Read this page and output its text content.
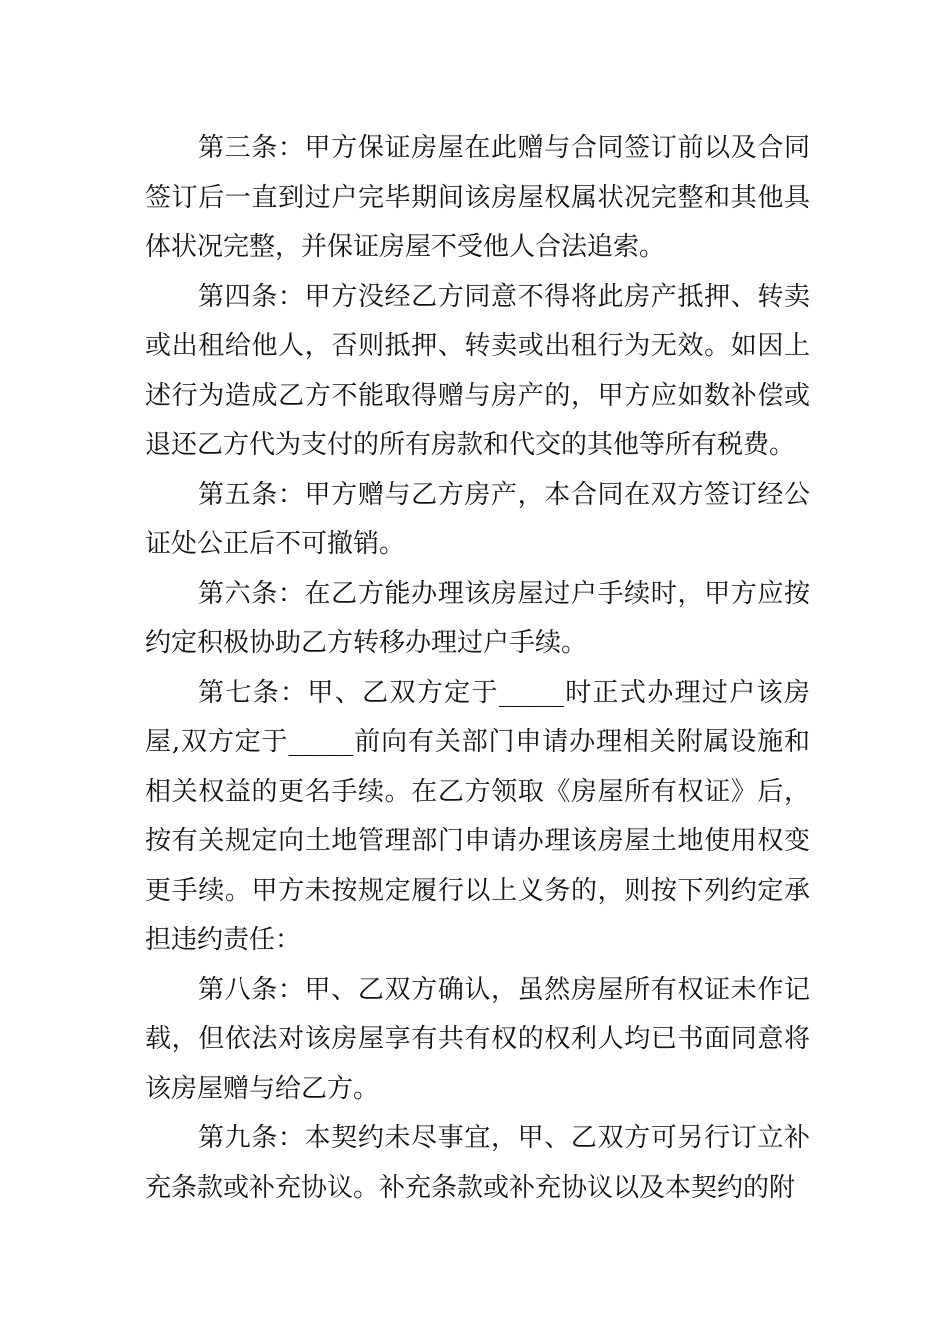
第三条：甲方保证房屋在此赠与合同签订前以及合同签订后一直到过户完毕期间该房屋权属状况完整和其他具体状况完整，并保证房屋不受他人合法追索。

第四条：甲方没经乙方同意不得将此房产抵押、转卖或出租给他人，否则抵押、转卖或出租行为无效。如因上述行为造成乙方不能取得赠与房产的，甲方应如数补偿或退还乙方代为支付的所有房款和代交的其他等所有税费。

第五条：甲方赠与乙方房产，本合同在双方签订经公证处公正后不可撤销。

第六条：在乙方能办理该房屋过户手续时，甲方应按约定积极协助乙方转移办理过户手续。

第七条：甲、乙双方定于_____时正式办理过户该房屋,双方定于_____前向有关部门申请办理相关附属设施和相关权益的更名手续。在乙方领取《房屋所有权证》后，按有关规定向土地管理部门申请办理该房屋土地使用权变更手续。甲方未按规定履行以上义务的，则按下列约定承担违约责任：

第八条：甲、乙双方确认，虽然房屋所有权证未作记载，但依法对该房屋享有共有权的权利人均已书面同意将该房屋赠与给乙方。

第九条：本契约未尽事宜，甲、乙双方可另行订立补充条款或补充协议。补充条款或补充协议以及本契约的附
